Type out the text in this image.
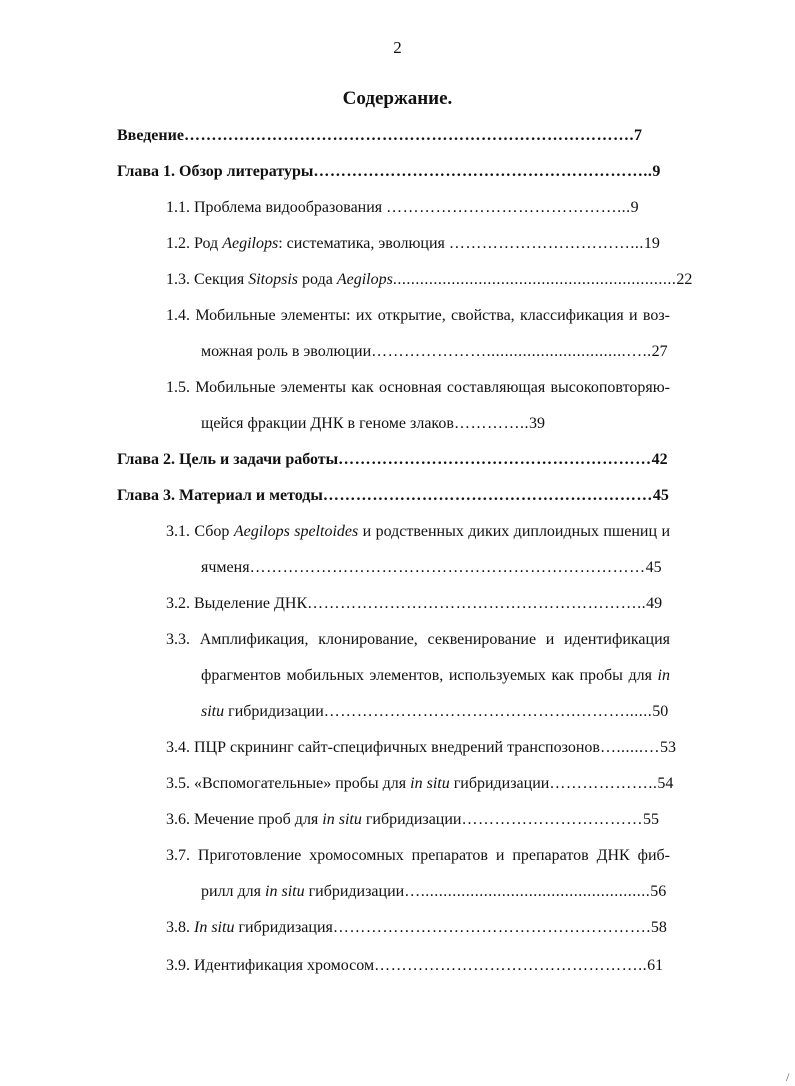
2
Содержание.
Введение……………………………………………………………………….7
Глава 1. Обзор литературы……………………………………………………..9
1.1. Проблема видообразования ……………………………………...9
1.2. Род Aegilops: систематика, эволюция ……………………………...19
1.3. Секция Sitopsis рода Aegilops...............................................................22
1.4. Мобильные элементы: их открытие, свойства, классификация и воз-
можная роль в эволюции…………………...............................…..27
1.5. Мобильные элементы как основная составляющая высокоповторяю-
щейся фракции ДНК в геноме злаков…………..39
Глава 2. Цель и задачи работы…………………………………………………42
Глава 3. Материал и методы……………………………………………………45
3.1. Сбор Aegilops speltoides и родственных диких диплоидных пшениц и
ячменя………………………………………………………………45
3.2. Выделение ДНК……………………………………………………..49
3.3. Амплификация, клонирование, секвенирование и идентификация
фрагментов мобильных элементов, используемых как пробы для in
situ гибридизации……………………………………….………......50
3.4. ПЦР скрининг сайт-специфичных внедрений транспозонов…......…53
3.5. «Вспомогательные» пробы для in situ гибридизации………………..54
3.6. Мечение проб для in situ гибридизации……………………………55
3.7. Приготовление хромосомных препаратов и препаратов ДНК фиб-
рилл для in situ гибридизации…...................................................56
3.8. In situ гибридизация………………………………………………….58
3.9. Идентификация хромосом…………………………………………..61
/
